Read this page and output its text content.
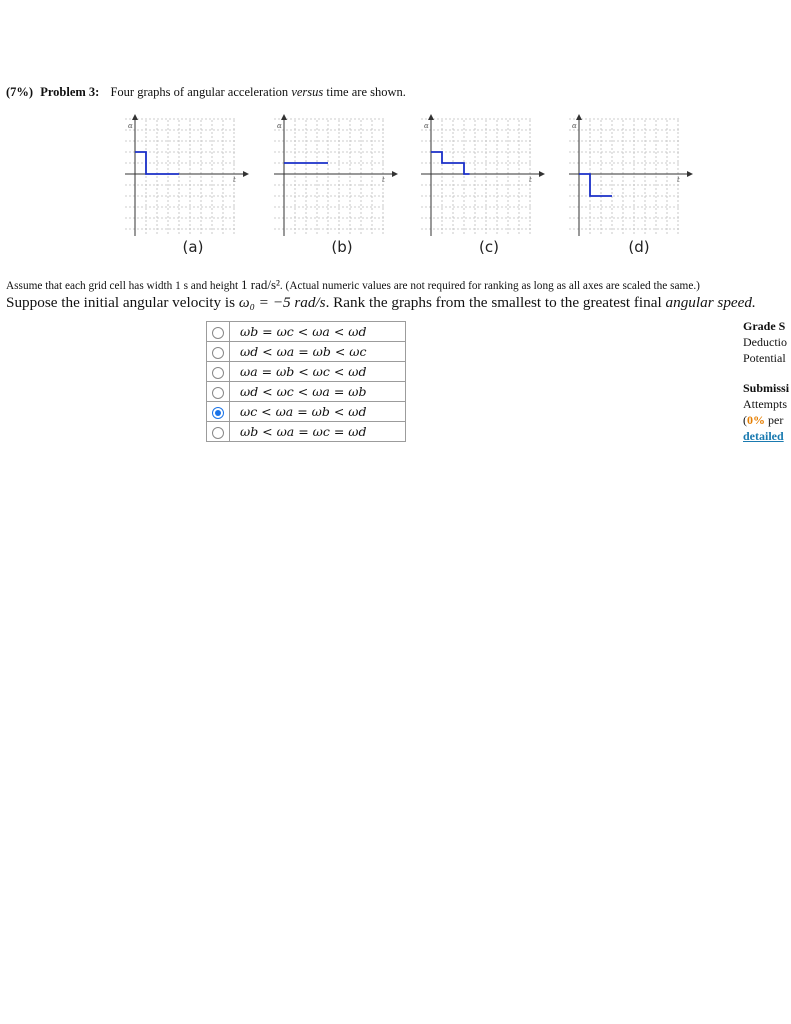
(7%) Problem 3: Four graphs of angular acceleration versus time are shown.
α
t
α
t
α
t
α
t
(a)	(b)	(c)	(d)
Assume that each grid cell has width 1 s and height 1 rad/s². (Actual numeric values are not required for ranking as long as all axes are scaled the same.)
Suppose the initial angular velocity is ω₀ = −5 rad/s. Rank the graphs from the smallest to the greatest final angular speed.
	ωb = ωc < ωa < ωd
	ωd < ωa = ωb < ωc
	ωa = ωb < ωc < ωd
	ωd < ωc < ωa = ωb
	ωc < ωa = ωb < ωd
	ωb < ωa = ωc = ωd
Grade S
Deductio
Potential
Submissi
Attempts
(0% per
detailed
